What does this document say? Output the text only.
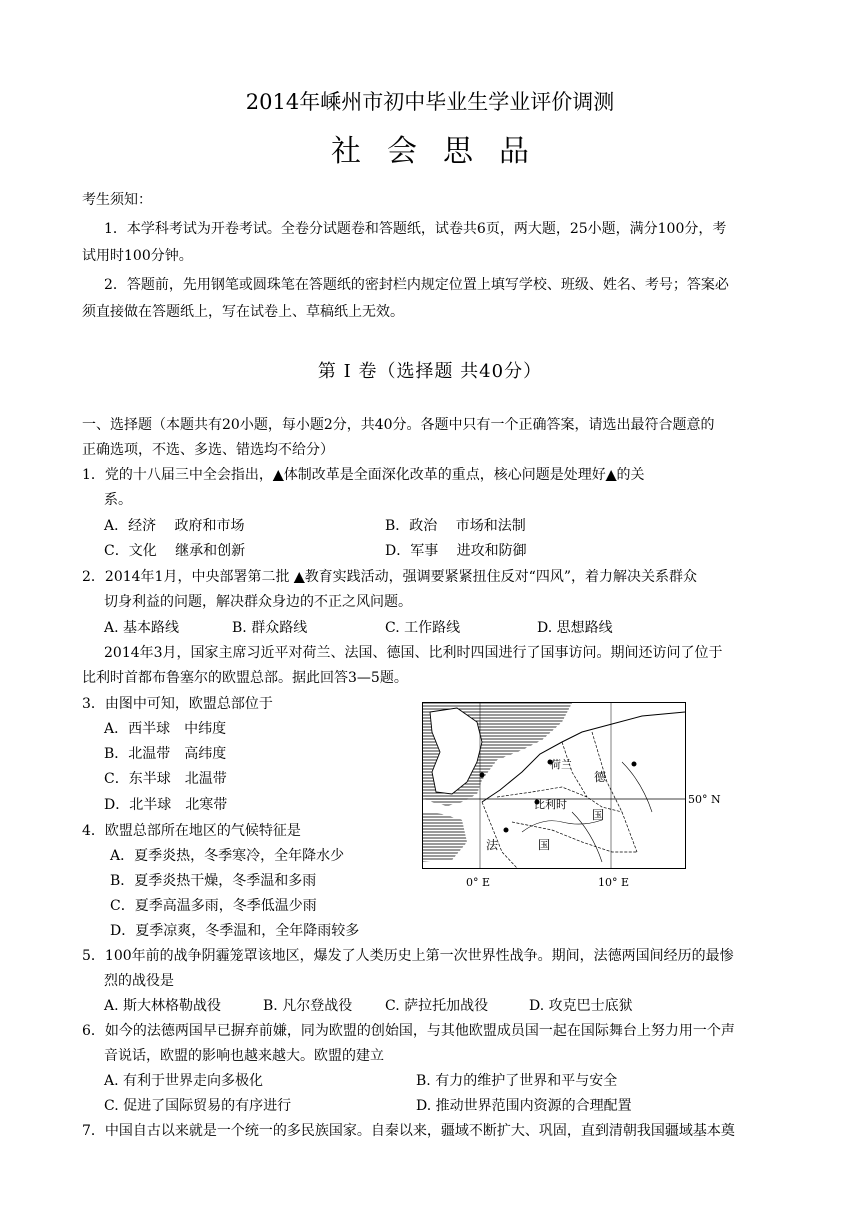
2014年嵊州市初中毕业生学业评价调测
社会思品
考生须知：
1．本学科考试为开卷考试。全卷分试题卷和答题纸，试卷共6页，两大题，25小题，满分100分，考
试用时100分钟。
2．答题前，先用钢笔或圆珠笔在答题纸的密封栏内规定位置上填写学校、班级、姓名、考号；答案必
须直接做在答题纸上，写在试卷上、草稿纸上无效。
第 Ⅰ 卷（选择题 共40分）
一、选择题（本题共有20小题，每小题2分，共40分。各题中只有一个正确答案，请选出最符合题意的
正确选项，不选、多选、错选均不给分）
1．党的十八届三中全会指出，▲体制改革是全面深化改革的重点，核心问题是处理好▲的关
系。
A．经济　 政府和市场	B．政治　 市场和法制
C．文化　 继承和创新	D．军事　 进攻和防御
2．2014年1月，中央部署第二批 ▲教育实践活动，强调要紧紧扭住反对“四风”，着力解决关系群众
切身利益的问题，解决群众身边的不正之风问题。
A. 基本路线	B. 群众路线	C. 工作路线	D. 思想路线
2014年3月，国家主席习近平对荷兰、法国、德国、比利时四国进行了国事访问。期间还访问了位于
比利时首都布鲁塞尔的欧盟总部。据此回答3—5题。
3．由图中可知，欧盟总部位于
A．西半球　中纬度
B．北温带　高纬度
C．东半球　北温带
D．北半球　北寒带
4．欧盟总部所在地区的气候特征是
A．夏季炎热，冬季寒冷，全年降水少
B．夏季炎热干燥，冬季温和多雨
C．夏季高温多雨，冬季低温少雨
D．夏季凉爽，冬季温和，全年降雨较多
5．100年前的战争阴霾笼罩该地区，爆发了人类历史上第一次世界性战争。期间，法德两国间经历的最惨
烈的战役是
A. 斯大林格勒战役	B. 凡尔登战役 C. 萨拉托加战役	D. 攻克巴士底狱
6．如今的法德两国早已摒弃前嫌，同为欧盟的创始国，与其他欧盟成员国一起在国际舞台上努力用一个声
音说话，欧盟的影响也越来越大。欧盟的建立
A. 有利于世界走向多极化	B. 有力的维护了世界和平与安全
C. 促进了国际贸易的有序进行	D. 推动世界范围内资源的合理配置
7．中国自古以来就是一个统一的多民族国家。自秦以来，疆域不断扩大、巩固，直到清朝我国疆域基本奠
荷兰
德
比利时
国
法	国
50° N
0° E	10° E
